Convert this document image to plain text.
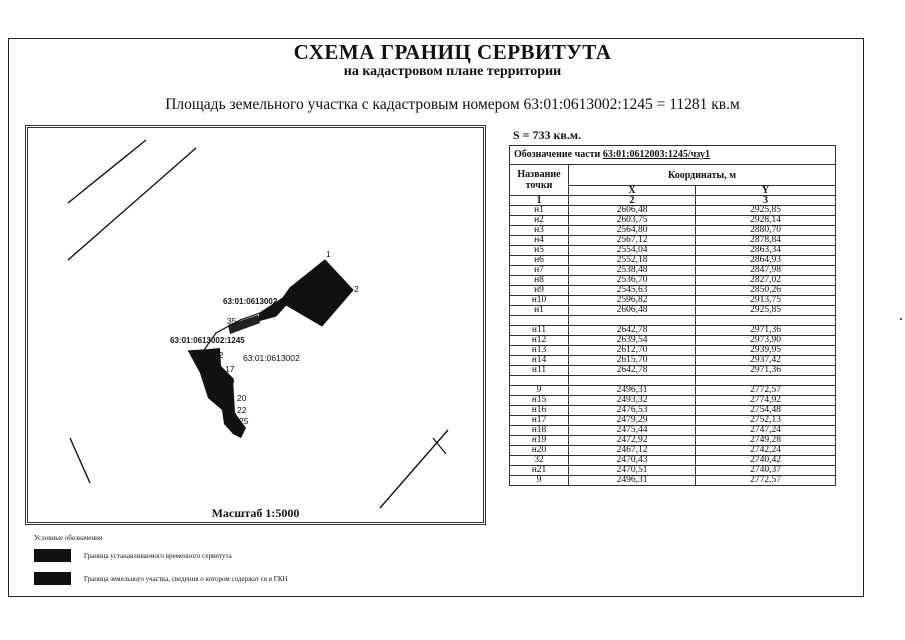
СХЕМА ГРАНИЦ СЕРВИТУТА
на кадастровом плане территории
Площадь земельного участка с кадастровым номером 63:01:0613002:1245 = 11281 кв.м
63:01:0613002
63:01:0613002:1245
63:01:0613002
1
2
35
12
17
19
20
22
25
Масштаб 1:5000
S = 733 кв.м.
Обозначение части 63:01:0612003:1245/чзу1		
Название точки	Координаты, м	
	X	Y
1	2	3
н1	2606,48	2925,85
н2	2603,75	2928,14
н3	2564,80	2880,70
н4	2567,12	2878,84
н5	2554,04	2863,34
н6	2552,18	2864,93
н7	2538,48	2847,98
н8	2536,70	2827,02
н9	2545,63	2850,26
н10	2596,82	2913,75
н1	2606,48	2925,85

н11	2642,78	2971,36
н12	2639,54	2973,90
н13	2612,70	2939,95
н14	2615,70	2937,42
н11	2642,78	2971,36

9	2496,31	2772,57
н15	2493,32	2774,92
н16	2476,53	2754,48
н17	2479,29	2752,13
н18	2475,44	2747,24
н19	2472,92	2749,28
н20	2467,12	2742,24
32	2470,43	2740,42
н21	2470,51	2740,37
9	2496,31	2772,57
Условные обозначения
Граница устанавливаемого временного сервитута
Граница земельного участка, сведения о котором содержат ся в ГКН
